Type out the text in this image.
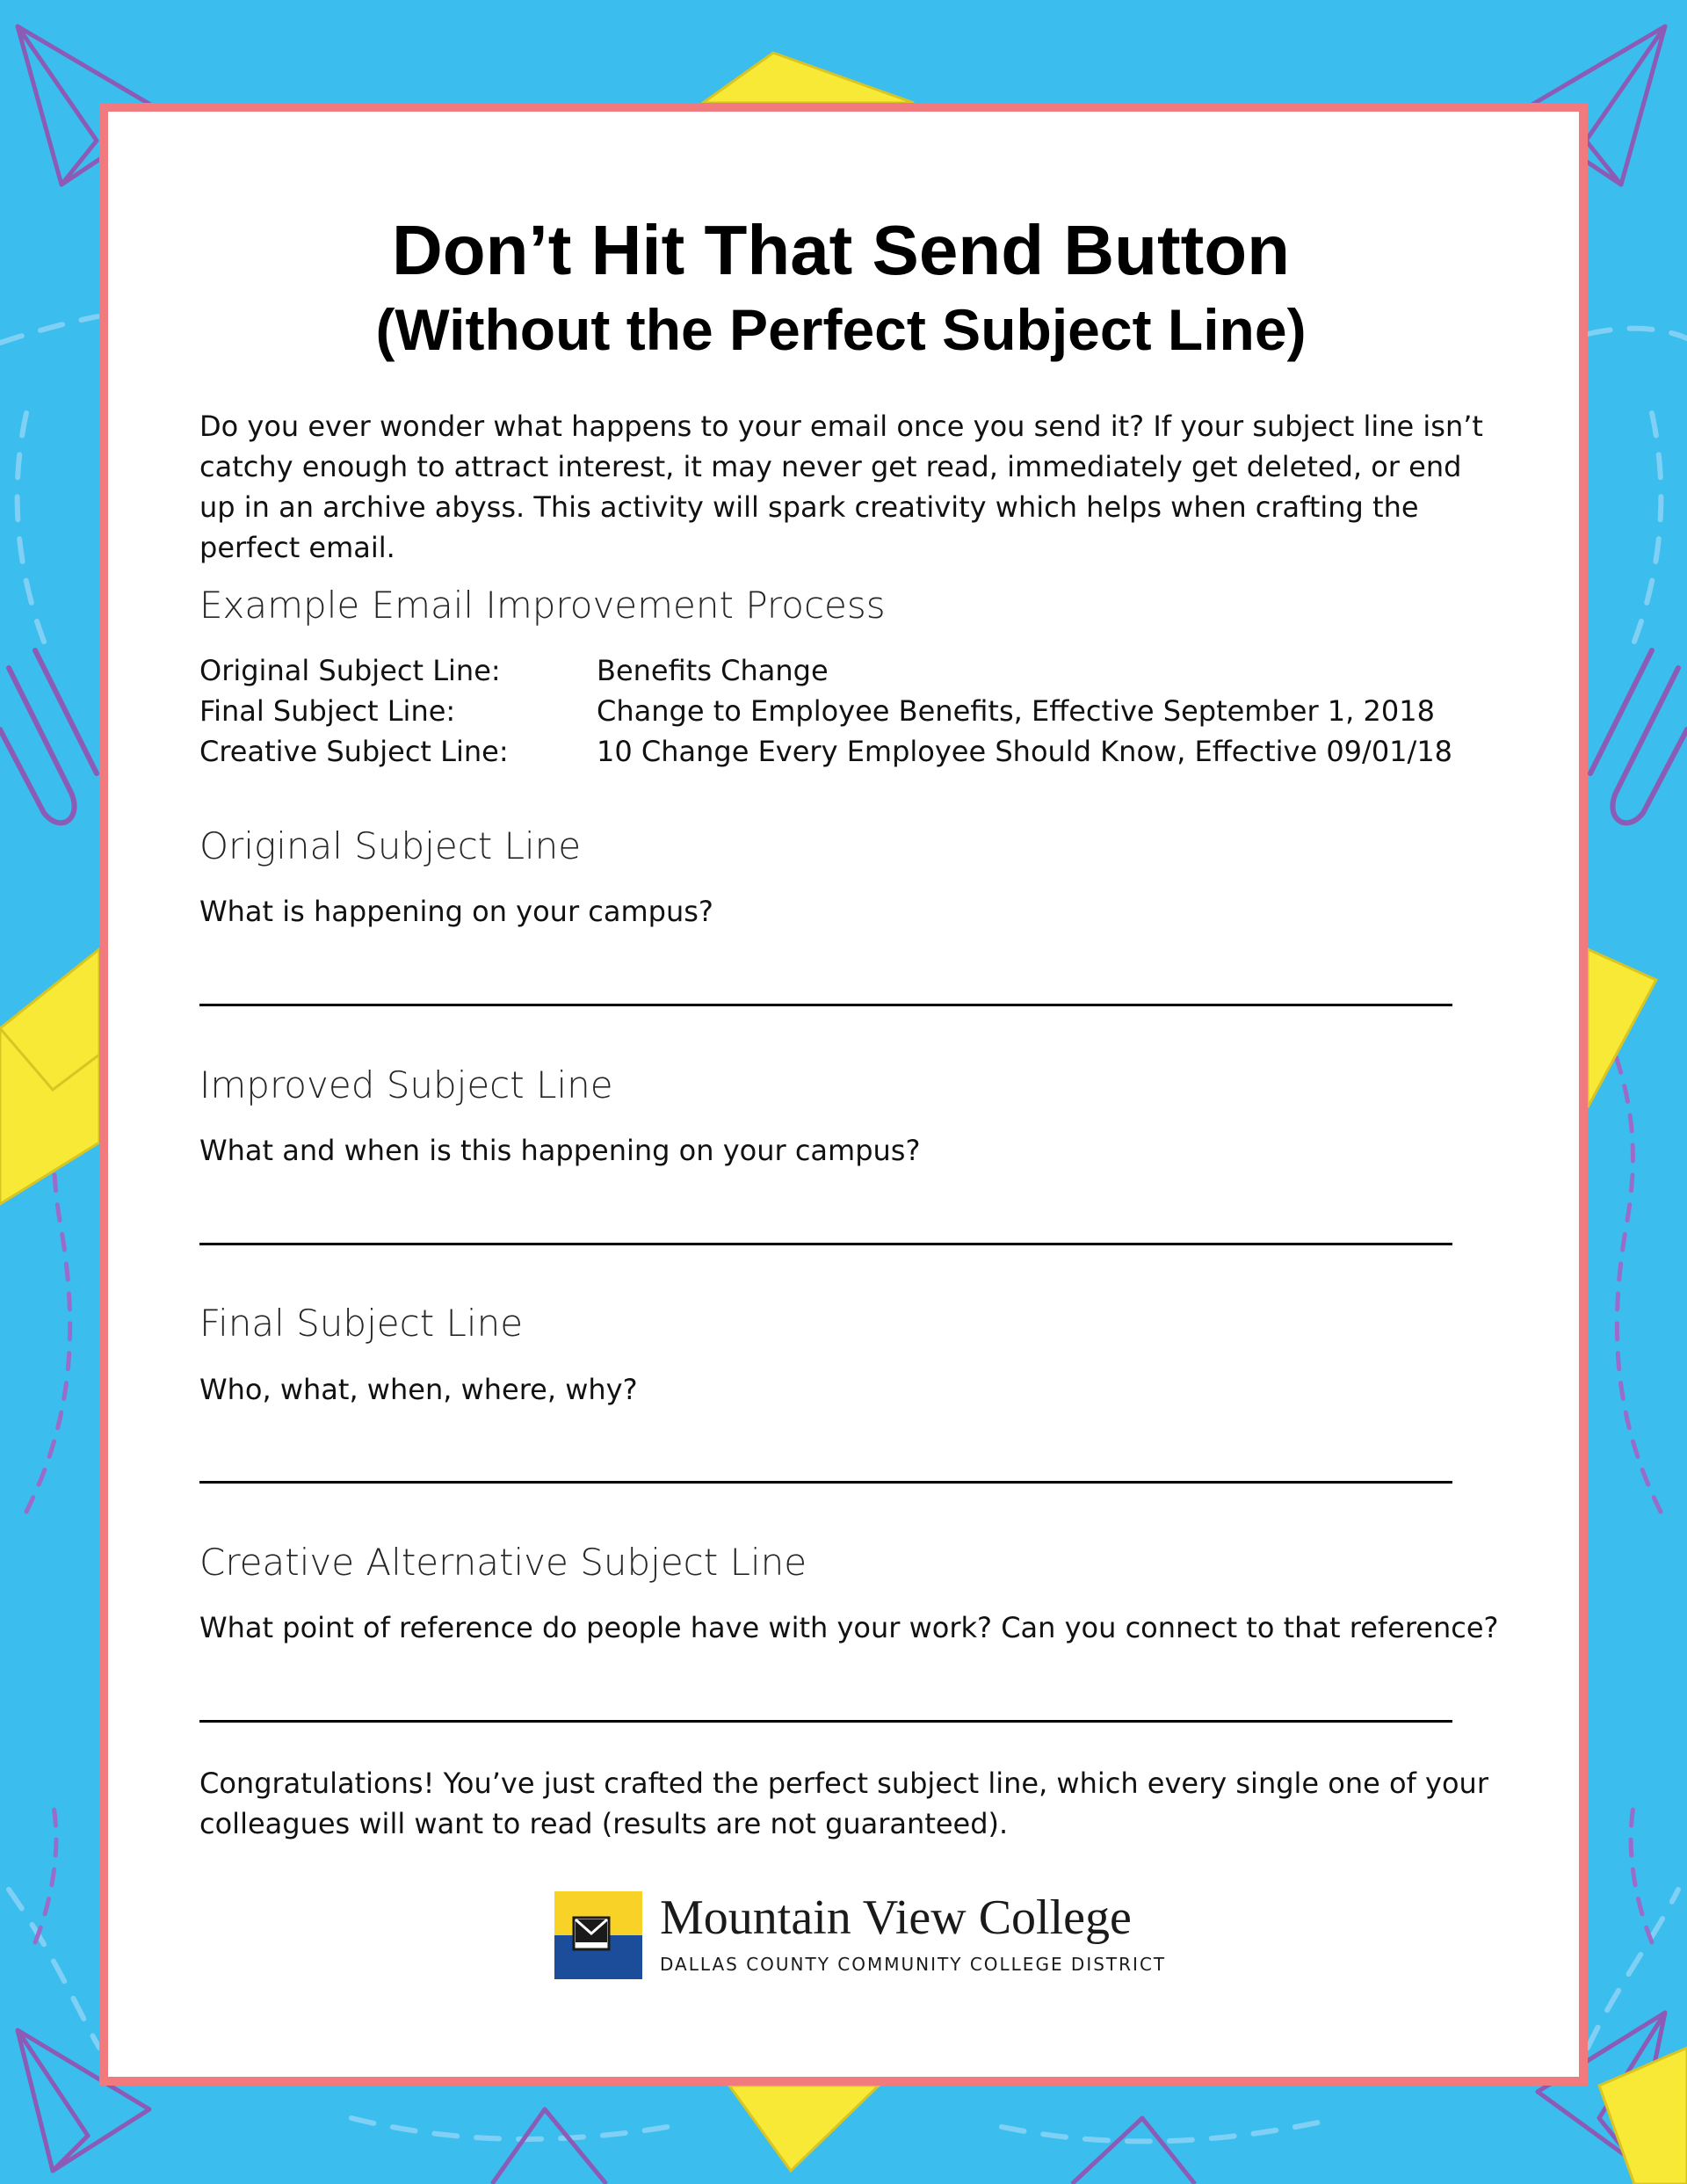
Don’t Hit That Send Button
(Without the Perfect Subject Line)

Do you ever wonder what happens to your email once you send it? If your subject line isn’t catchy enough to attract interest, it may never get read, immediately get deleted, or end up in an archive abyss. This activity will spark creativity which helps when crafting the perfect email.

Example Email Improvement Process
Original Subject Line:	Benefits Change
Final Subject Line:	Change to Employee Benefits, Effective September 1, 2018
Creative Subject Line:	10 Change Every Employee Should Know, Effective 09/01/18
Original Subject Line

What is happening on your campus?

Improved Subject Line

What and when is this happening on your campus?

Final Subject Line

Who, what, when, where, why?

Creative Alternative Subject Line

What point of reference do people have with your work? Can you connect to that reference?

Congratulations! You’ve just crafted the perfect subject line, which every single one of your colleagues will want to read (results are not guaranteed).

Mountain View College
DALLAS COUNTY COMMUNITY COLLEGE DISTRICT
